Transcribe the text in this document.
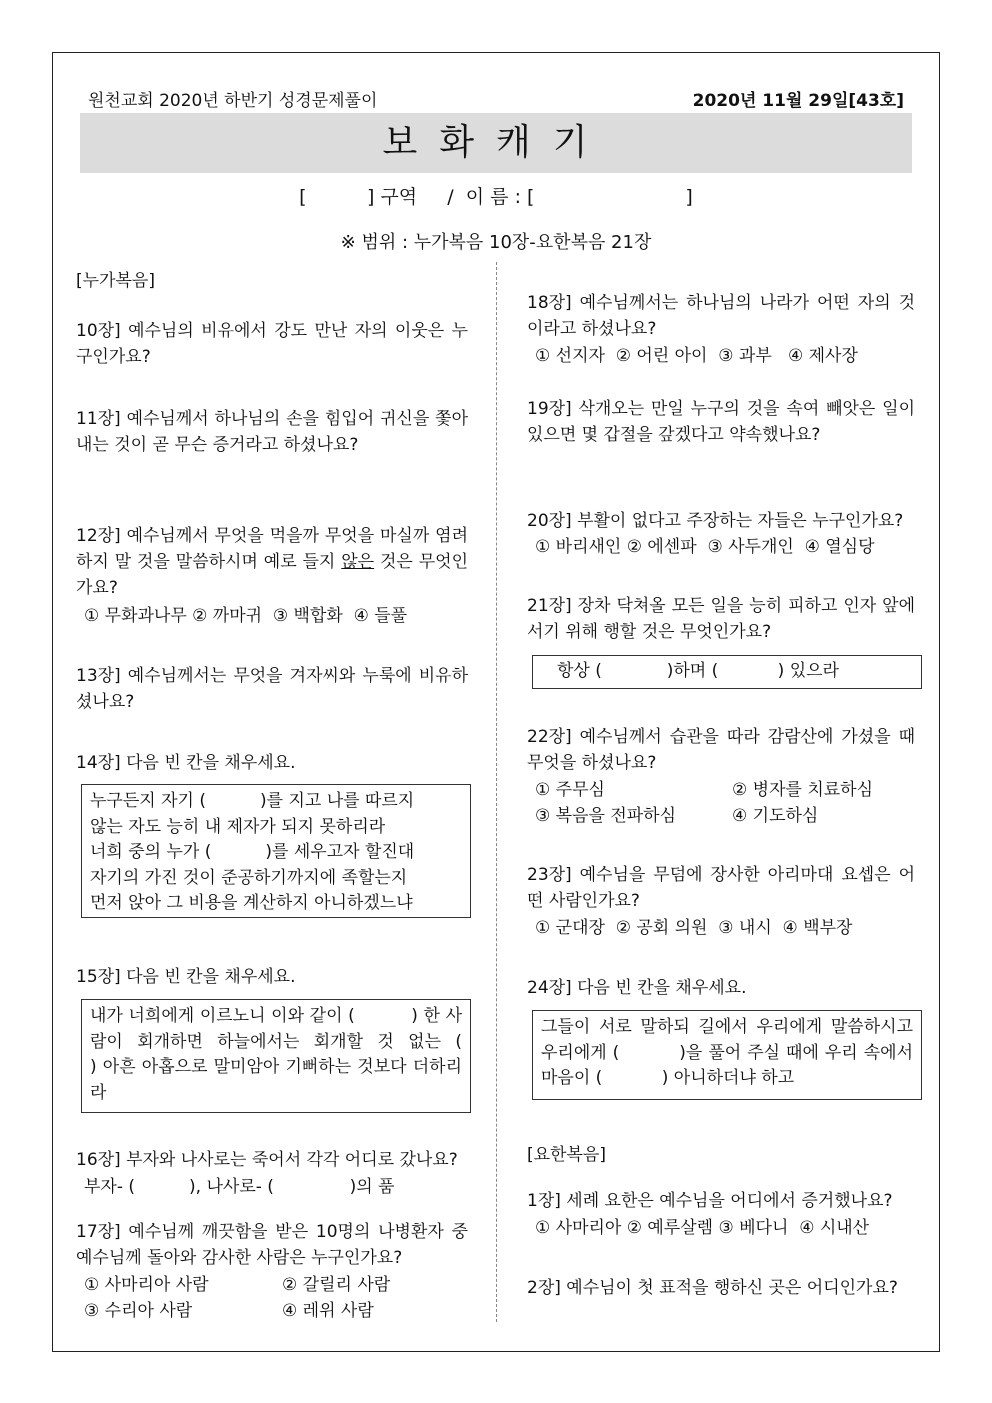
원천교회 2020년 하반기 성경문제풀이	2020년 11월 29일[43호]
보화캐기
[          ] 구역     /  이 름 : [                         ]
※ 범위 : 누가복음 10장-요한복음 21장

[누가복음]

10장] 예수님의 비유에서 강도 만난 자의 이웃은 누구인가요?

11장] 예수님께서 하나님의 손을 힘입어 귀신을 쫓아내는 것이 곧 무슨 증거라고 하셨나요?

12장] 예수님께서 무엇을 먹을까 무엇을 마실까 염려하지 말 것을 말씀하시며 예로 들지 않은 것은 무엇인가요?

① 무화과나무 ② 까마귀  ③ 백합화  ④ 들풀

13장] 예수님께서는 무엇을 겨자씨와 누룩에 비유하셨나요?

14장] 다음 빈 칸을 채우세요.

누구든지 자기 (          )를 지고 나를 따르지

않는 자도 능히 내 제자가 되지 못하리라

너희 중의 누가 (          )를 세우고자 할진대

자기의 가진 것이 준공하기까지에 족할는지

먼저 앉아 그 비용을 계산하지 아니하겠느냐

15장] 다음 빈 칸을 채우세요.

내가 너희에게 이르노니 이와 같이 (          ) 한 사람이 회개하면 하늘에서는 회개할 것 없는 (          ) 아흔 아홉으로 말미암아 기뻐하는 것보다 더하리라

16장] 부자와 나사로는 죽어서 각각 어디로 갔나요?

부자- (          ), 나사로- (              )의 품

17장] 예수님께 깨끗함을 받은 10명의 나병환자 중 예수님께 돌아와 감사한 사람은 누구인가요?

① 사마리아 사람	② 갈릴리 사람

③ 수리아 사람	④ 레위 사람

18장] 예수님께서는 하나님의 나라가 어떤 자의 것이라고 하셨나요?

① 선지자  ② 어린 아이  ③ 과부   ④ 제사장

19장] 삭개오는 만일 누구의 것을 속여 빼앗은 일이 있으면 몇 갑절을 갚겠다고 약속했나요?

20장] 부활이 없다고 주장하는 자들은 누구인가요?

① 바리새인 ② 에센파  ③ 사두개인  ④ 열심당

21장] 장차 닥쳐올 모든 일을 능히 피하고 인자 앞에 서기 위해 행할 것은 무엇인가요?

항상 (            )하며 (           ) 있으라

22장] 예수님께서 습관을 따라 감람산에 가셨을 때 무엇을 하셨나요?

① 주무심	② 병자를 치료하심

③ 복음을 전파하심	④ 기도하심

23장] 예수님을 무덤에 장사한 아리마대 요셉은 어떤 사람인가요?

① 군대장  ② 공회 의원  ③ 내시  ④ 백부장

24장] 다음 빈 칸을 채우세요.

그들이 서로 말하되 길에서 우리에게 말씀하시고 우리에게 (          )을 풀어 주실 때에 우리 속에서 마음이 (           ) 아니하더냐 하고

[요한복음]

1장] 세례 요한은 예수님을 어디에서 증거했나요?

① 사마리아 ② 예루살렘 ③ 베다니  ④ 시내산

2장] 예수님이 첫 표적을 행하신 곳은 어디인가요?
